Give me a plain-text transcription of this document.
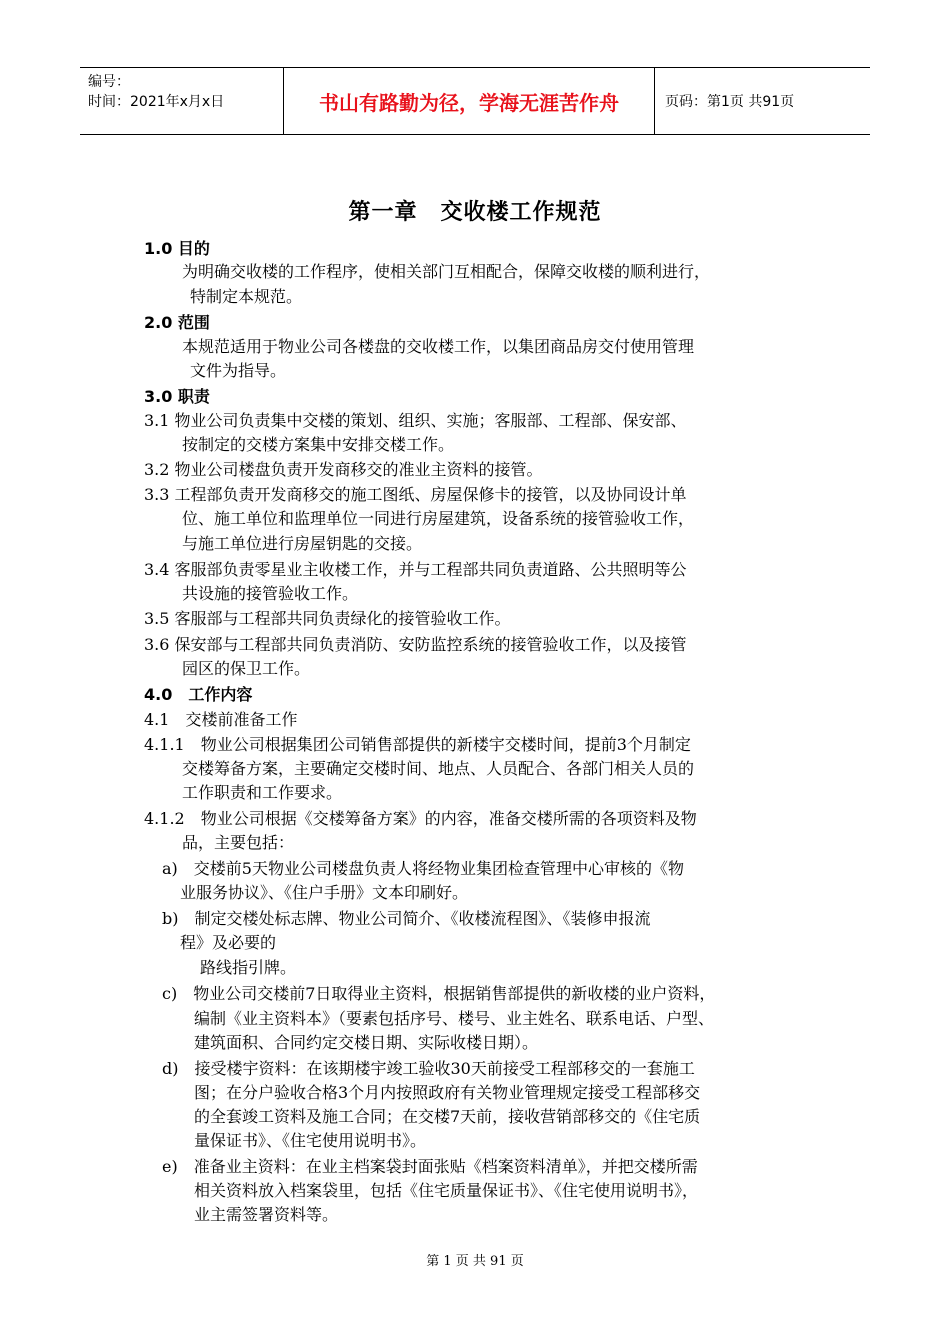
编号：
时间：2021年x月x日	书山有路勤为径，学海无涯苦作舟	页码：第1页 共91页
第一章　交收楼工作规范
1.0 目的
为明确交收楼的工作程序，使相关部门互相配合，保障交收楼的顺利进行，
特制定本规范。
2.0 范围
本规范适用于物业公司各楼盘的交收楼工作，以集团商品房交付使用管理
文件为指导。
3.0 职责
3.1 物业公司负责集中交楼的策划、组织、实施；客服部、工程部、保安部、
按制定的交楼方案集中安排交楼工作。
3.2 物业公司楼盘负责开发商移交的准业主资料的接管。
3.3 工程部负责开发商移交的施工图纸、房屋保修卡的接管，以及协同设计单
位、施工单位和监理单位一同进行房屋建筑，设备系统的接管验收工作，
与施工单位进行房屋钥匙的交接。
3.4 客服部负责零星业主收楼工作，并与工程部共同负责道路、公共照明等公
共设施的接管验收工作。
3.5 客服部与工程部共同负责绿化的接管验收工作。
3.6 保安部与工程部共同负责消防、安防监控系统的接管验收工作，以及接管
园区的保卫工作。
4.0　工作内容
4.1　交楼前准备工作
4.1.1　物业公司根据集团公司销售部提供的新楼宇交楼时间，提前3个月制定
交楼筹备方案，主要确定交楼时间、地点、人员配合、各部门相关人员的
工作职责和工作要求。
4.1.2　物业公司根据《交楼筹备方案》的内容，准备交楼所需的各项资料及物
品，主要包括：
a)　交楼前5天物业公司楼盘负责人将经物业集团检查管理中心审核的《物
业服务协议》、《住户手册》文本印刷好。
b)　制定交楼处标志牌、物业公司简介、《收楼流程图》、《装修申报流
程》及必要的
路线指引牌。
c)　物业公司交楼前7日取得业主资料，根据销售部提供的新收楼的业户资料，
编制《业主资料本》（要素包括序号、楼号、业主姓名、联系电话、户型、
建筑面积、合同约定交楼日期、实际收楼日期）。
d)　接受楼宇资料：在该期楼宇竣工验收30天前接受工程部移交的一套施工
图；在分户验收合格3个月内按照政府有关物业管理规定接受工程部移交
的全套竣工资料及施工合同；在交楼7天前，接收营销部移交的《住宅质
量保证书》、《住宅使用说明书》。
e)　准备业主资料：在业主档案袋封面张贴《档案资料清单》，并把交楼所需
相关资料放入档案袋里，包括《住宅质量保证书》、《住宅使用说明书》，
业主需签署资料等。
第 1 页 共 91 页
